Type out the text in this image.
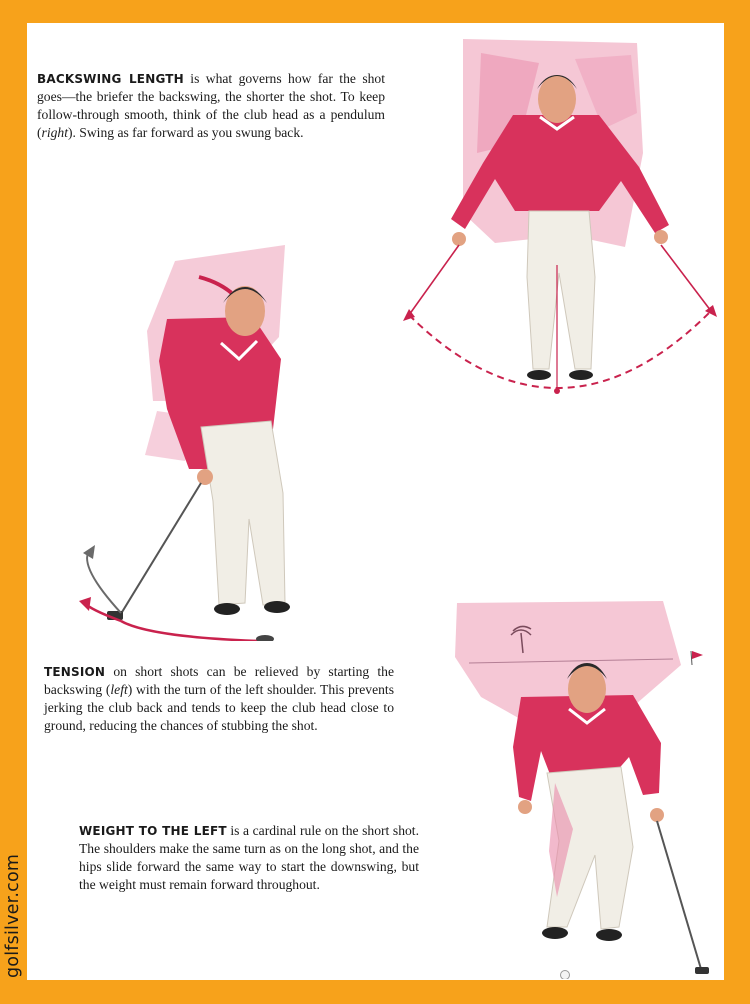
BACKSWING LENGTH is what governs how far the shot goes—the briefer the backswing, the shorter the shot. To keep follow-through smooth, think of the club head as a pendulum (right). Swing as far forward as you swung back.

TENSION on short shots can be relieved by starting the backswing (left) with the turn of the left shoulder. This prevents jerking the club back and tends to keep the club head close to ground, reducing the chances of stubbing the shot.

WEIGHT TO THE LEFT is a cardinal rule on the short shot. The shoulders make the same turn as on the long shot, and the hips slide forward the same way to start the downswing, but the weight must remain forward throughout.

golfsilver.com
